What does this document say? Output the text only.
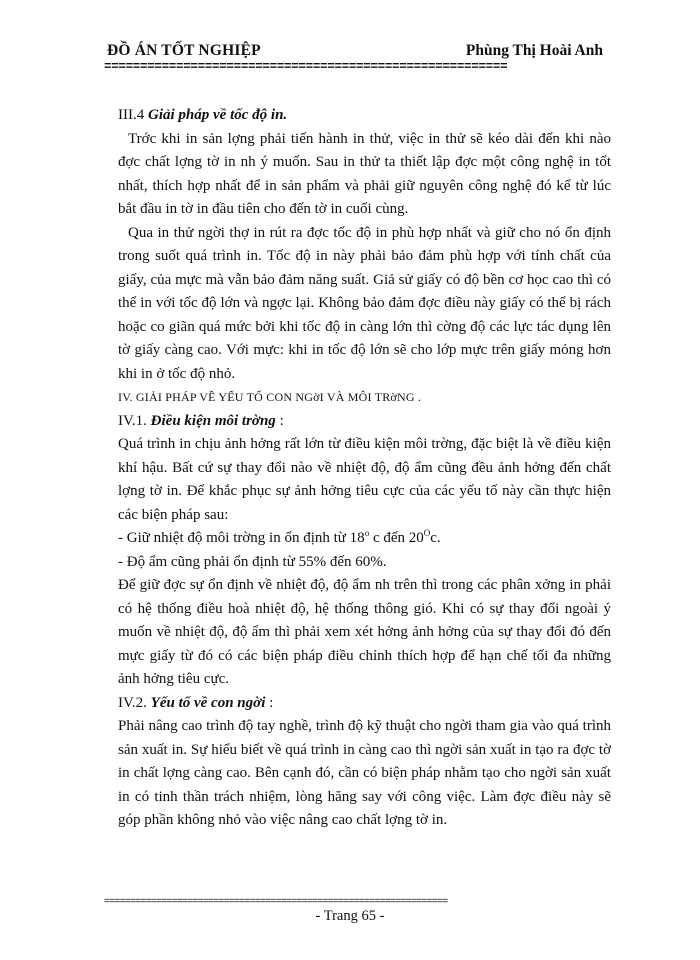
ĐỒ ÁN TỐT NGHIỆP	Phùng Thị Hoài Anh
========================================================
III.4 Giải pháp về tốc độ in.

Trớc khi in sản lợng phải tiến hành in thử, việc in thử sẽ kéo dài đến khi nào đợc chất lợng tờ in nh ý muốn. Sau in thử ta thiết lập đợc một công nghệ in tốt nhất, thích hợp nhất để in sản phẩm và phải giữ nguyên công nghệ đó kể từ lúc bắt đầu in tờ in đầu tiên cho đến tờ in cuối cùng.

Qua in thử ngời thợ in rút ra đợc tốc độ in phù hợp nhất và giữ cho nó ổn định trong suốt quá trình in. Tốc độ in này phải bảo đảm phù hợp với tính chất của giấy, của mực mà vẫn bảo đảm năng suất. Giả sử giấy có độ bền cơ học cao thì có thể in với tốc độ lớn và ngợc lại. Không bảo đảm đợc điều này giấy có thể bị rách hoặc co giãn quá mức bởi khi tốc độ in càng lớn thì cờng độ các lực tác dụng lên tờ giấy càng cao. Với mực: khi in tốc độ lớn sẽ cho lớp mực trên giấy mỏng hơn khi in ở tốc độ nhỏ.

IV. GIẢI PHÁP VỀ YẾU TỐ CON NGờI VÀ MÔI TRờNG .
IV.1. Điều kiện môi trờng :

Quá trình in chịu ảnh hởng rất lớn từ điều kiện môi trờng, đặc biệt là về điều kiện khí hậu. Bất cứ sự thay đổi nào về nhiệt độ, độ ẩm cũng đều ảnh hởng đến chất lợng tờ in. Để khắc phục sự ảnh hởng tiêu cực của các yếu tố này cần thực hiện các biện pháp sau:

- Giữ nhiệt độ môi trờng in ổn định từ 18$^o$ c đến $20^Oc$.
- Độ ẩm cũng phải ổn định từ 55% đến 60%.

Để giữ đợc sự ổn định về nhiệt độ, độ ẩm nh trên thì trong các phân xởng in phải có hệ thống điều hoà nhiệt độ, hệ thống thông gió. Khi có sự thay đổi ngoài ý muốn về nhiệt độ, độ ẩm thì phải xem xét hởng ảnh hởng của sự thay đổi đó đến mực giấy từ đó có các biện pháp điều chỉnh thích hợp để hạn chế tối đa những ảnh hởng tiêu cực.

IV.2. Yếu tố về con ngời :

Phải nâng cao trình độ tay nghề, trình độ kỹ thuật cho ngời tham gia vào quá trình sản xuất in. Sự hiểu biết về quá trình in càng cao thì ngời sản xuất in tạo ra đợc tờ in chất lợng càng cao. Bên cạnh đó, cần có biện pháp nhằm tạo cho ngời sản xuất in có tinh thần trách nhiệm, lòng hăng say với công việc. Làm đợc điều này sẽ góp phần không nhỏ vào việc nâng cao chất lợng tờ in.

==================================================================
- Trang 65 -
